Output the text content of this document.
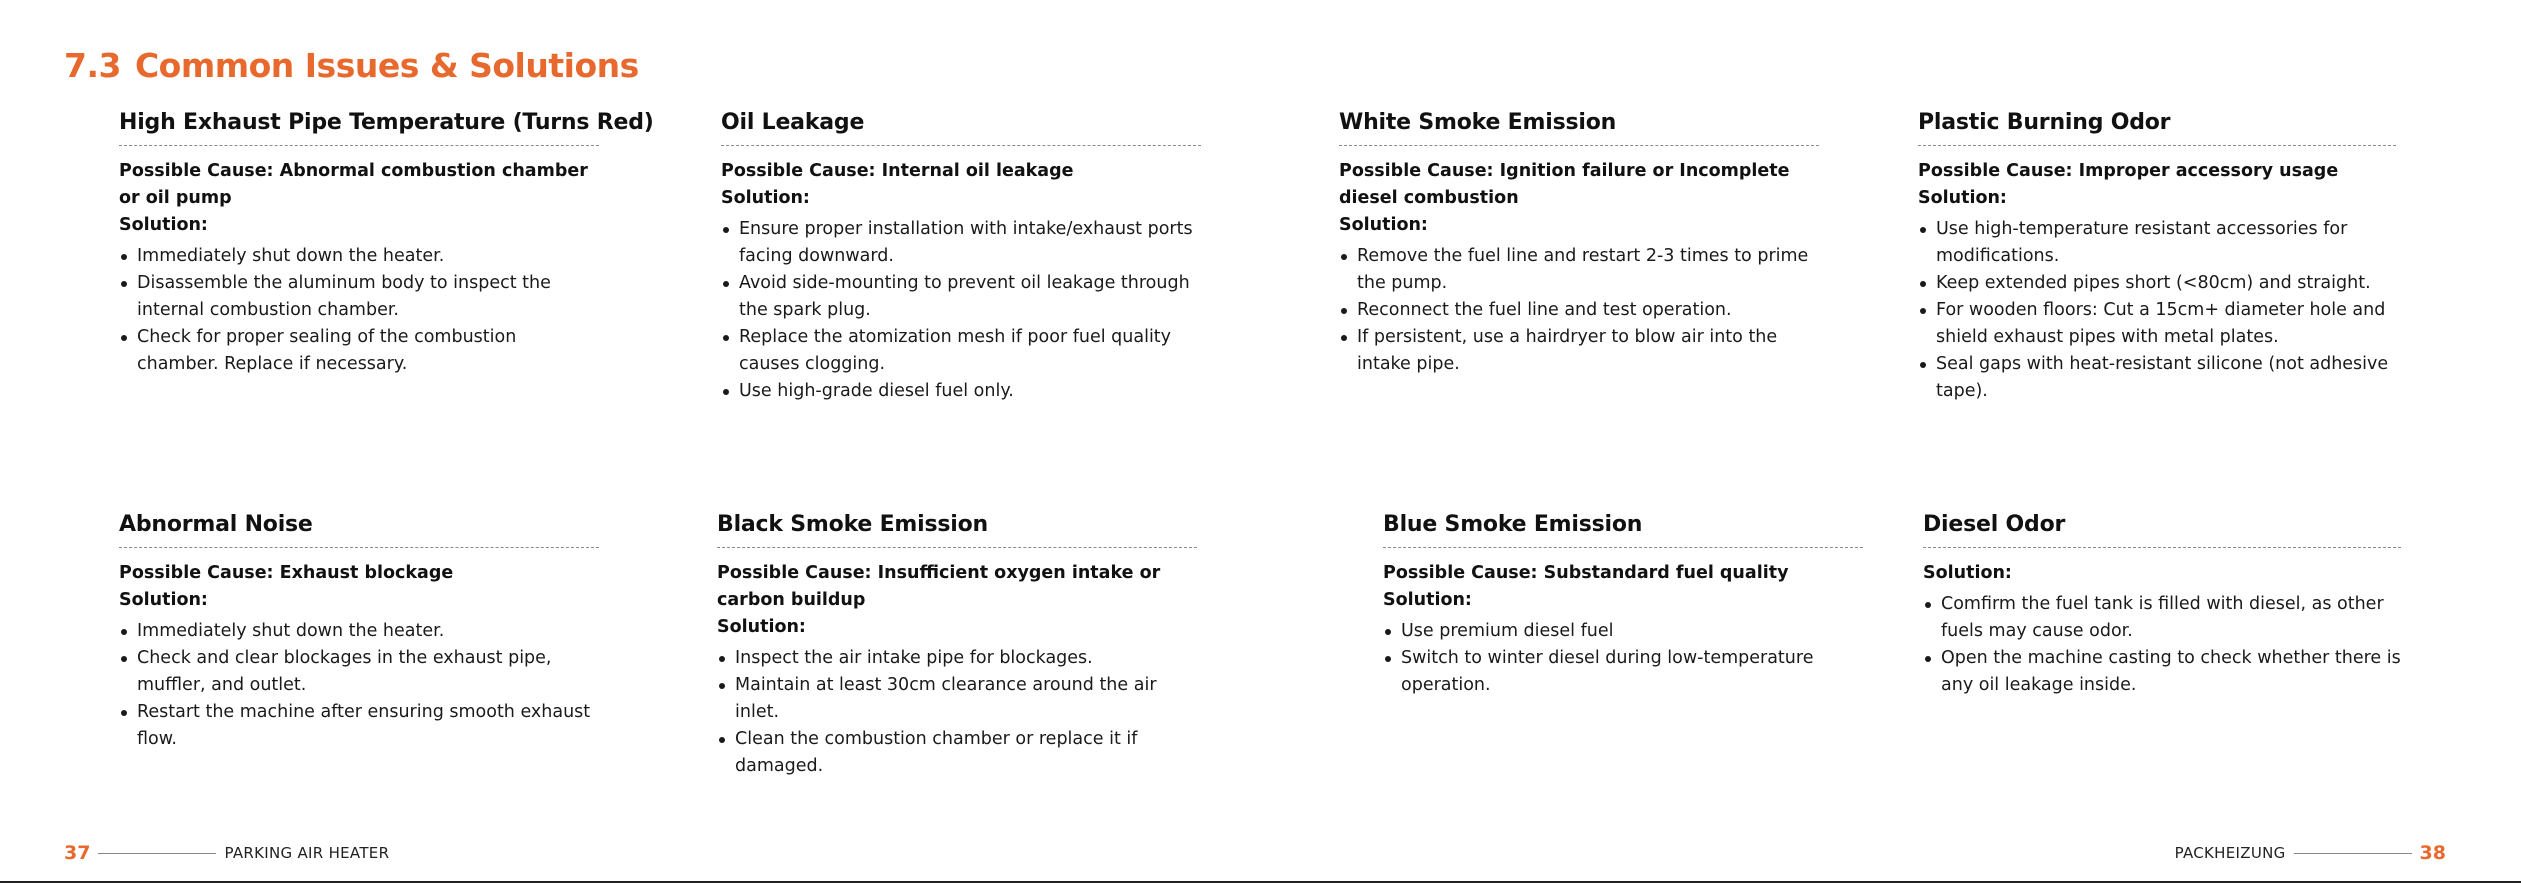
7.3 Common Issues & Solutions
High Exhaust Pipe Temperature (Turns Red)

Possible Cause: Abnormal combustion chamber or oil pump

Solution:

Immediately shut down the heater.
Disassemble the aluminum body to inspect the internal combustion chamber.
Check for proper sealing of the combustion chamber. Replace if necessary.
Oil Leakage

Possible Cause: Internal oil leakage

Solution:

Ensure proper installation with intake/exhaust ports facing downward.
Avoid side-mounting to prevent oil leakage through the spark plug.
Replace the atomization mesh if poor fuel quality causes clogging.
Use high-grade diesel fuel only.
White Smoke Emission

Possible Cause: Ignition failure or Incomplete diesel combustion

Solution:

Remove the fuel line and restart 2-3 times to prime the pump.
Reconnect the fuel line and test operation.
If persistent, use a hairdryer to blow air into the intake pipe.
Plastic Burning Odor

Possible Cause: Improper accessory usage

Solution:

Use high-temperature resistant accessories for modifications.
Keep extended pipes short (<80cm) and straight.
For wooden floors: Cut a 15cm+ diameter hole and shield exhaust pipes with metal plates.
Seal gaps with heat-resistant silicone (not adhesive tape).
Abnormal Noise

Possible Cause: Exhaust blockage

Solution:

Immediately shut down the heater.
Check and clear blockages in the exhaust pipe, muffler, and outlet.
Restart the machine after ensuring smooth exhaust flow.
Black Smoke Emission

Possible Cause: Insufficient oxygen intake or carbon buildup

Solution:

Inspect the air intake pipe for blockages.
Maintain at least 30cm clearance around the air inlet.
Clean the combustion chamber or replace it if damaged.
Blue Smoke Emission

Possible Cause: Substandard fuel quality

Solution:

Use premium diesel fuel
Switch to winter diesel during low-temperature operation.
Diesel Odor

Solution:

Comfirm the fuel tank is filled with diesel, as other fuels may cause odor.
Open the machine casting to check whether there is any oil leakage inside.
37	PARKING AIR HEATER	PACKHEIZUNG	38
